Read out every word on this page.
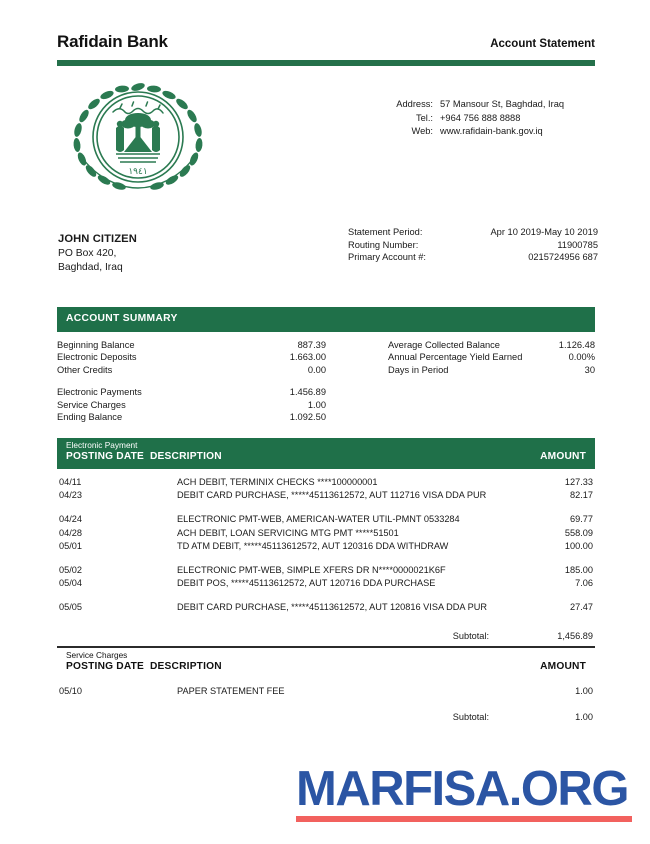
Rafidain Bank	Account Statement
١٩٤١
Address: 57 Mansour St, Baghdad, Iraq
Tel.: +964 756 888 8888
Web: www.rafidain-bank.gov.iq
JOHN CITIZEN
PO Box 420,
Baghdad, Iraq
Statement Period:	Apr 10 2019-May 10 2019
Routing Number:	11900785
Primary Account #:	0215724956 687
ACCOUNT SUMMARY
Beginning Balance	887.39
Electronic Deposits	1.663.00
Other Credits	0.00
Electronic Payments	1.456.89
Service Charges	1.00
Ending Balance	1.092.50
Average Collected Balance	1.126.48
Annual Percentage Yield Earned	0.00%
Days in Period	30
Electronic Payment
POSTING DATE DESCRIPTION	AMOUNT
04/11	ACH DEBIT, TERMINIX CHECKS ****100000001	127.33
04/23	DEBIT CARD PURCHASE, *****45113612572, AUT 112716 VISA DDA PUR	82.17
04/24	ELECTRONIC PMT-WEB, AMERICAN-WATER UTIL-PMNT 0533284	69.77
04/28	ACH DEBIT, LOAN SERVICING MTG PMT *****51501	558.09
05/01	TD ATM DEBIT, *****45113612572, AUT 120316 DDA WITHDRAW	100.00
05/02	ELECTRONIC PMT-WEB, SIMPLE XFERS DR N****0000021K6F	185.00
05/04	DEBIT POS, *****45113612572, AUT 120716 DDA PURCHASE	7.06
05/05	DEBIT CARD PURCHASE, *****45113612572, AUT 120816 VISA DDA PUR	27.47
Subtotal:	1,456.89
Service Charges
POSTING DATE DESCRIPTION	AMOUNT
05/10	PAPER STATEMENT FEE	1.00
Subtotal:	1.00
MARFISA.ORG
